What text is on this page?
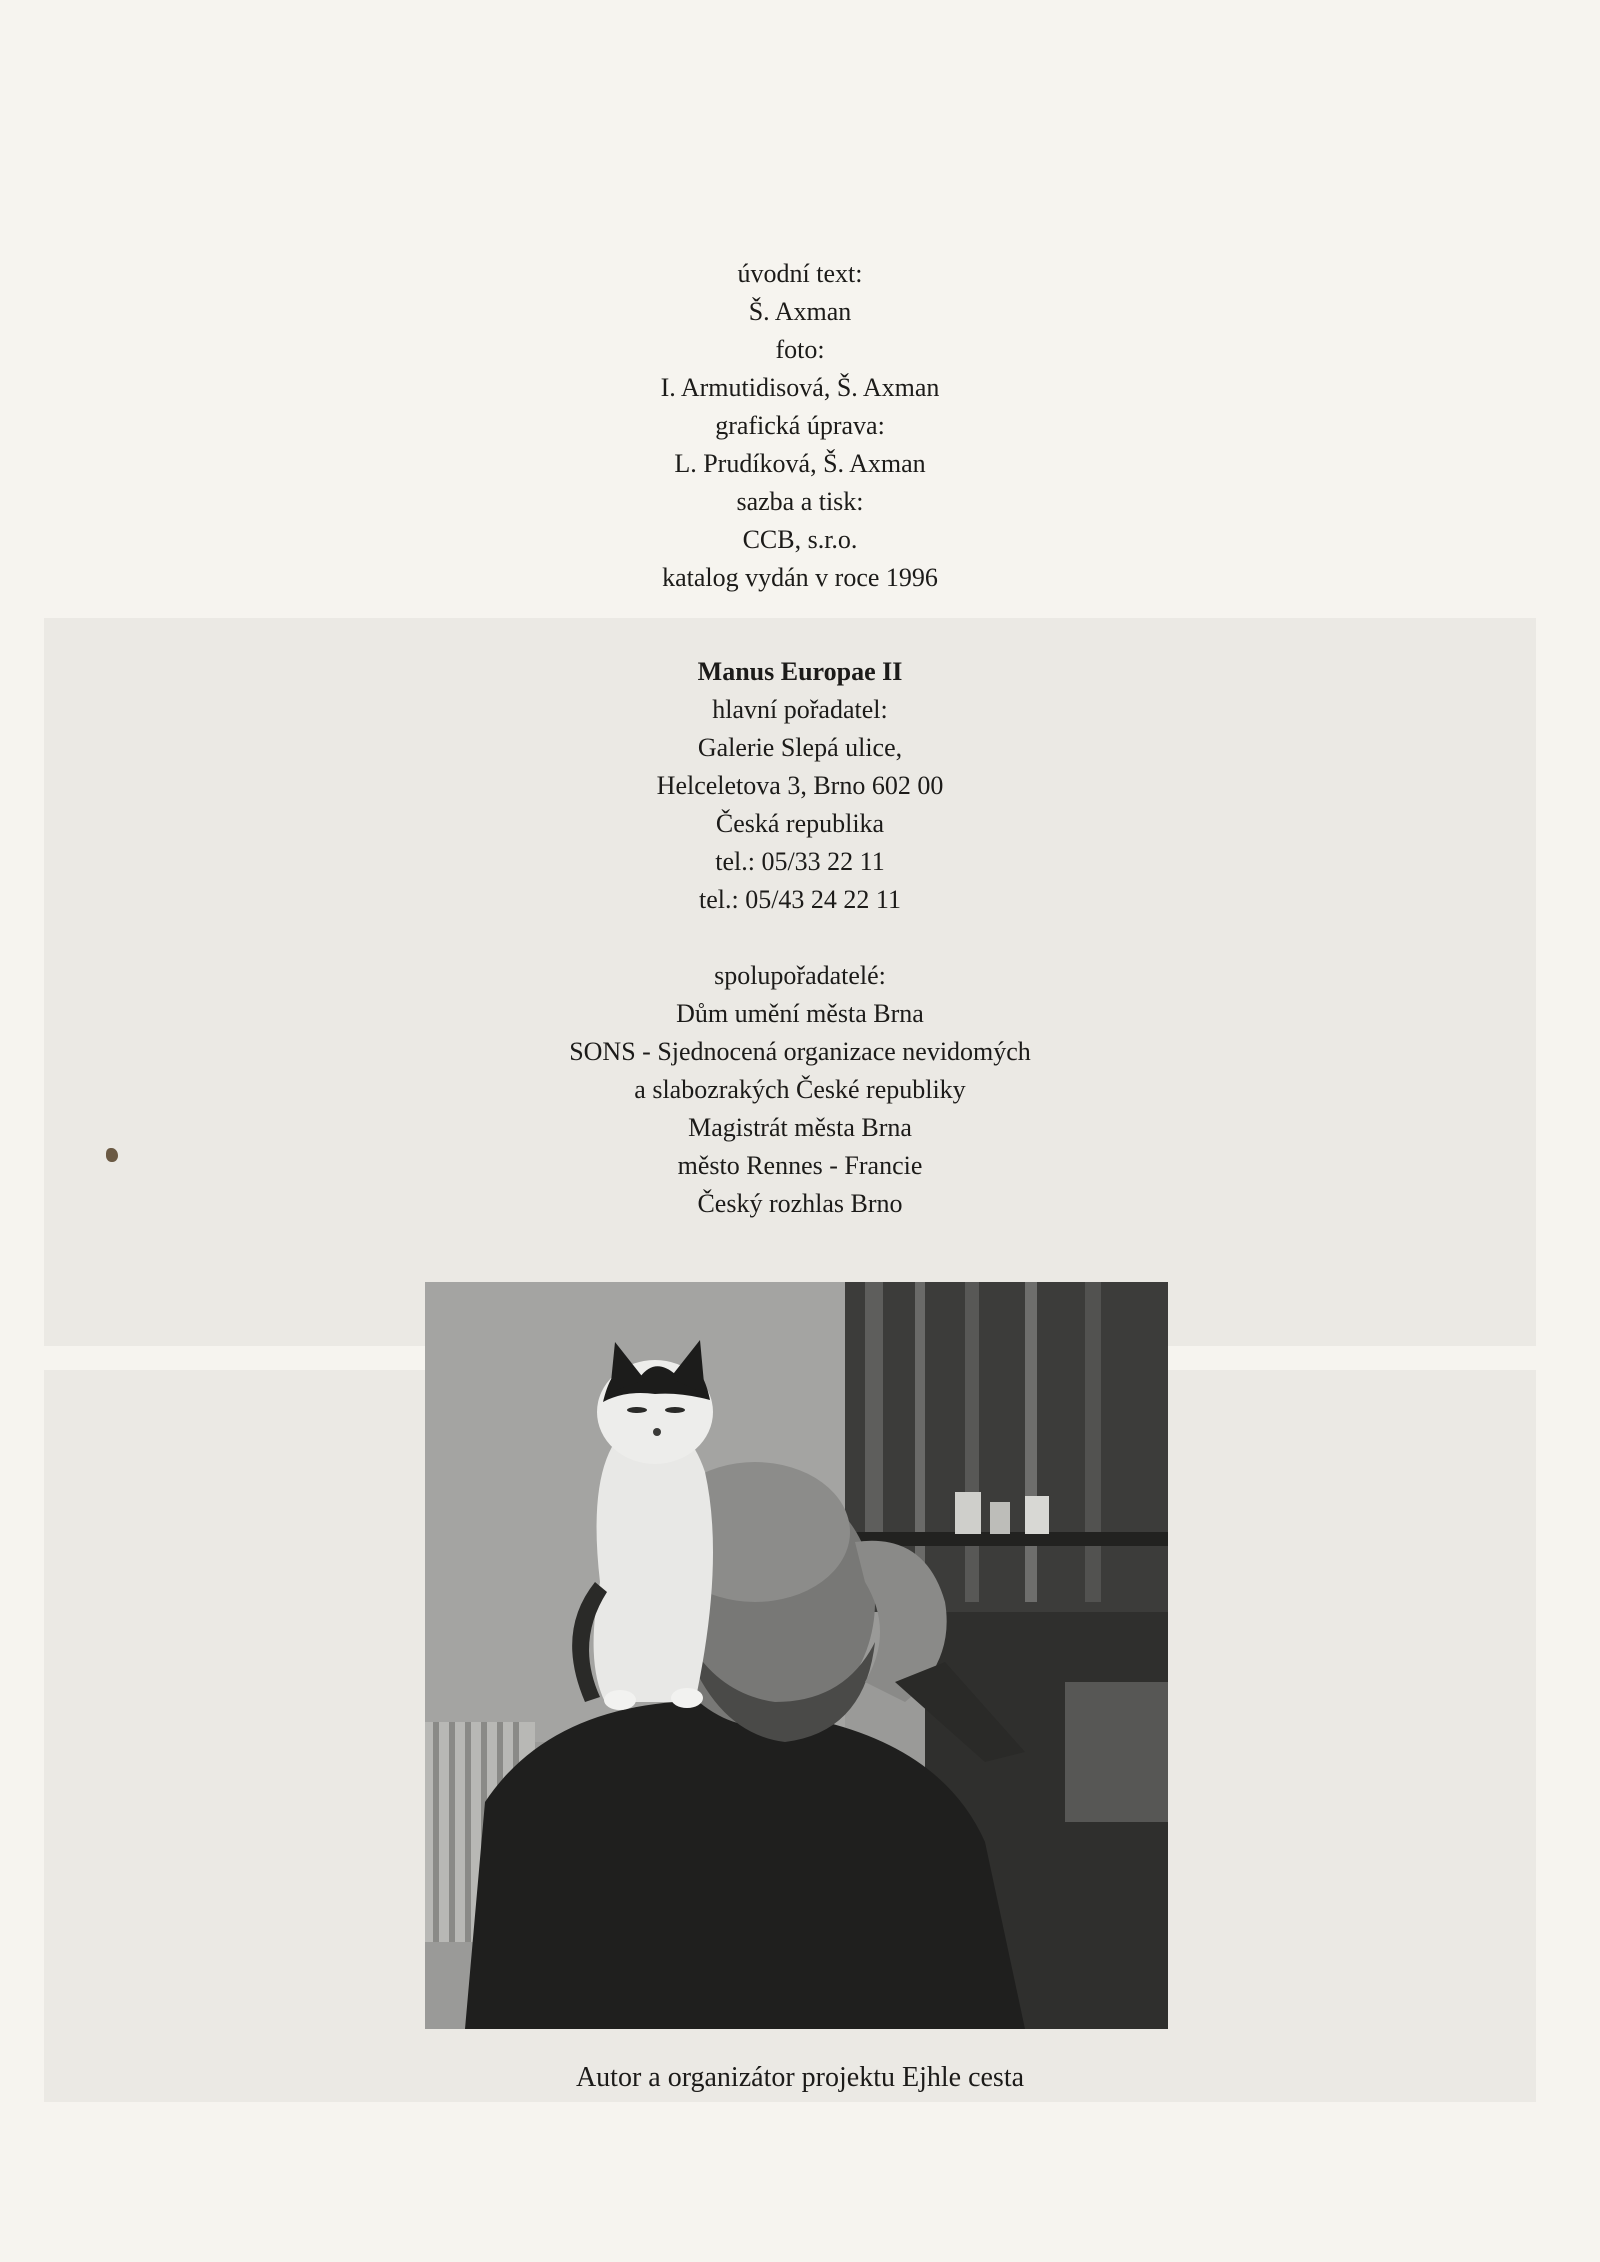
úvodní text:
Š. Axman
foto:
I. Armutidisová, Š. Axman
grafická úprava:
L. Prudíková, Š. Axman
sazba a tisk:
CCB, s.r.o.
katalog vydán v roce 1996
Manus Europae II
hlavní pořadatel:
Galerie Slepá ulice,
Helceletova 3, Brno 602 00
Česká republika
tel.: 05/33 22 11
tel.: 05/43 24 22 11
spolupořadatelé:
Dům umění města Brna
SONS - Sjednocená organizace nevidomých
a slabozrakých České republiky
Magistrát města Brna
město Rennes - Francie
Český rozhlas Brno
Autor a organizátor projektu Ejhle cesta
